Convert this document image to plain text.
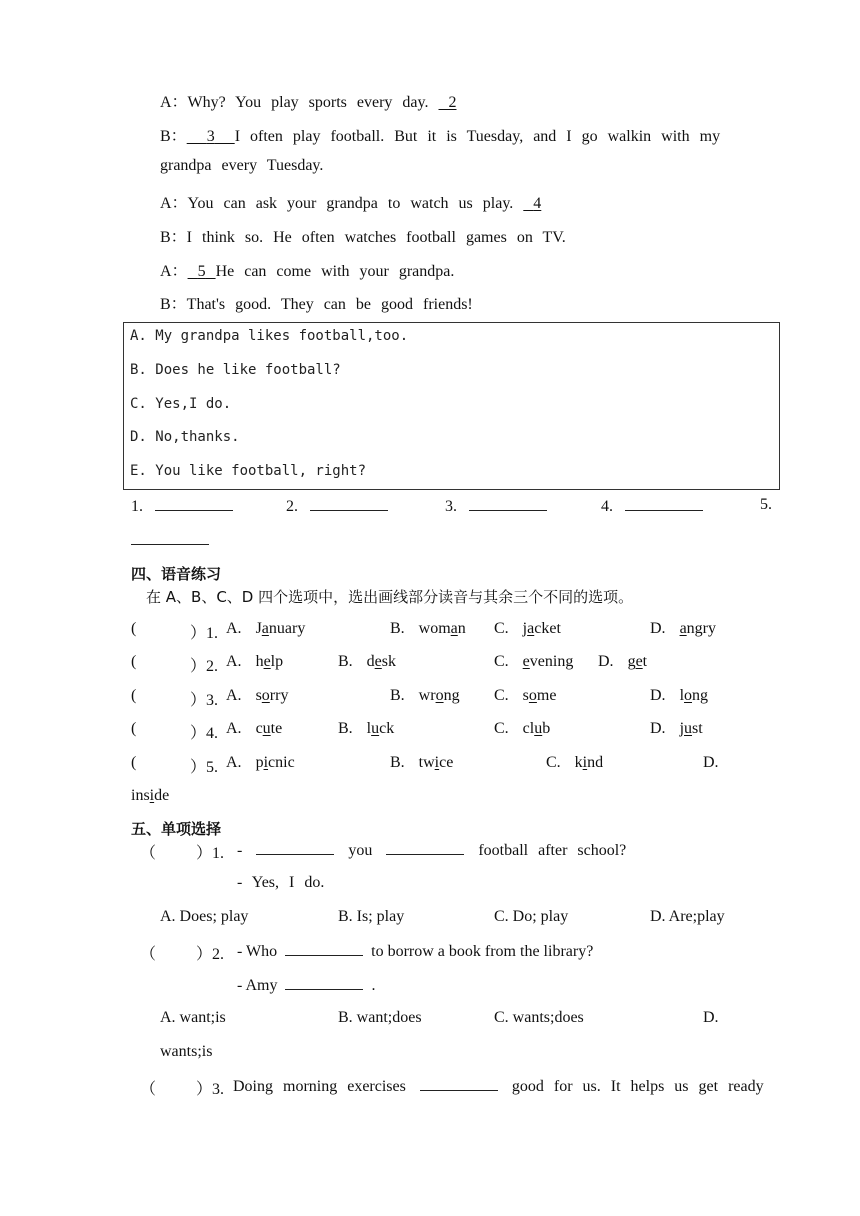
A：Why? You play sports every day. 2
B： 3 I often play football. But it is Tuesday, and I go walkin with my
grandpa every Tuesday.
A：You can ask your grandpa to watch us play. 4
B：I think so. He often watches football games on TV.
A： 5 He can come with your grandpa.
B：That's good. They can be good friends!
A. My grandpa likes football,too.
B. Does he like football?
C. Yes,I do.
D. No,thanks.
E. You like football, right?
1.	2.	3.	4.	5.
四、语音练习
在 A、B、C、D 四个选项中，选出画线部分读音与其余三个不同的选项。
(	）1. A. January	B. woman C. jacket	D. angry
(	）2. A. help	B. desk	C. evening D. get
(	）3. A. sorry	B. wrong C. some	D. long
(	）4. A. cute	B. luck	C. club	D. just
(	）5. A. picnic	B. twice	C. kind	D.
inside
五、单项选择
（ ）1. -	you	football after school?
- Yes, I do.
A. Does; play	B. Is; play	C. Do; play	D. Are;play
（ ）2. - Who	to borrow a book from the library?
- Amy	.
A. want;is	B. want;does	C. wants;does	D.
wants;is
（ ）3. Doing morning exercises	good for us. It helps us get ready
